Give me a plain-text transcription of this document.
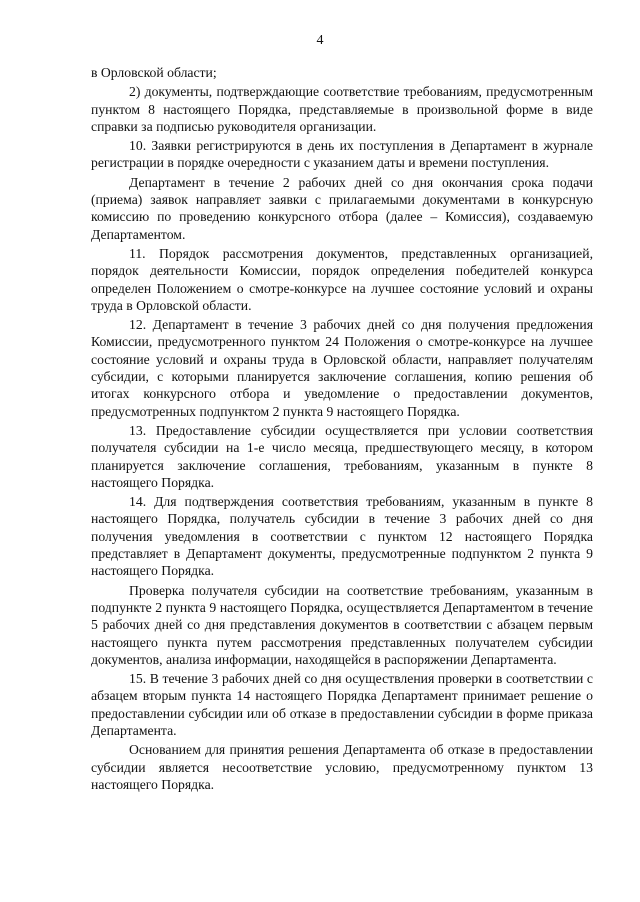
4

в Орловской области;

2) документы, подтверждающие соответствие требованиям, предусмотренным пунктом 8 настоящего Порядка, представляемые в произвольной форме в виде справки за подписью руководителя организации.

10. Заявки регистрируются в день их поступления в Департамент в журнале регистрации в порядке очередности с указанием даты и времени поступления.

Департамент в течение 2 рабочих дней со дня окончания срока подачи (приема) заявок направляет заявки с прилагаемыми документами в конкурсную комиссию по проведению конкурсного отбора (далее – Комиссия), создаваемую Департаментом.

11. Порядок рассмотрения документов, представленных организацией, порядок деятельности Комиссии, порядок определения победителей конкурса определен Положением о смотре-конкурсе на лучшее состояние условий и охраны труда в Орловской области.

12. Департамент в течение 3 рабочих дней со дня получения предложения Комиссии, предусмотренного пунктом 24 Положения о смотре-конкурсе на лучшее состояние условий и охраны труда в Орловской области, направляет получателям субсидии, с которыми планируется заключение соглашения, копию решения об итогах конкурсного отбора и уведомление о предоставлении документов, предусмотренных подпунктом 2 пункта 9 настоящего Порядка.

13. Предоставление субсидии осуществляется при условии соответствия получателя субсидии на 1-е число месяца, предшествующего месяцу, в котором планируется заключение соглашения, требованиям, указанным в пункте 8 настоящего Порядка.

14. Для подтверждения соответствия требованиям, указанным в пункте 8 настоящего Порядка, получатель субсидии в течение 3 рабочих дней со дня получения уведомления в соответствии с пунктом 12 настоящего Порядка представляет в Департамент документы, предусмотренные подпунктом 2 пункта 9 настоящего Порядка.

Проверка получателя субсидии на соответствие требованиям, указанным в подпункте 2 пункта 9 настоящего Порядка, осуществляется Департаментом в течение 5 рабочих дней со дня представления документов в соответствии с абзацем первым настоящего пункта путем рассмотрения представленных получателем субсидии документов, анализа информации, находящейся в распоряжении Департамента.

15. В течение 3 рабочих дней со дня осуществления проверки в соответствии с абзацем вторым пункта 14 настоящего Порядка Департамент принимает решение о предоставлении субсидии или об отказе в предоставлении субсидии в форме приказа Департамента.

Основанием для принятия решения Департамента об отказе в предоставлении субсидии является несоответствие условию, предусмотренному пунктом 13 настоящего Порядка.
